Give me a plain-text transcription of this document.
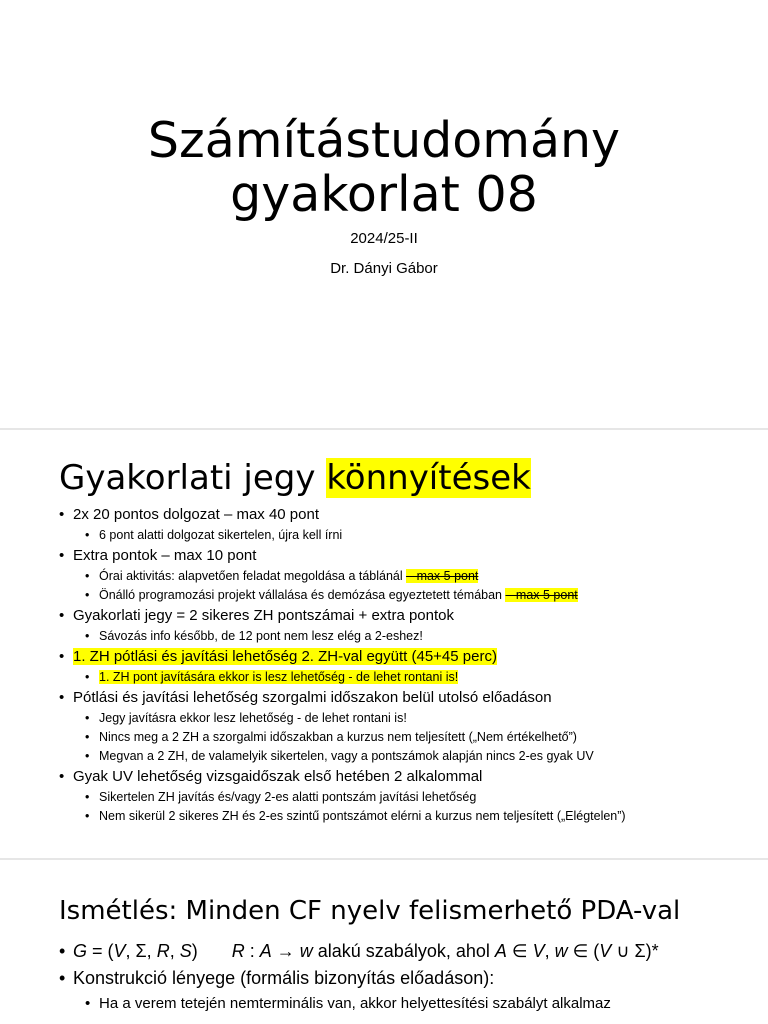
Számítástudomány
gyakorlat 08
2024/25-II
Dr. Dányi Gábor
Gyakorlati jegy könnyítések
• 2x 20 pontos dolgozat – max 40 pont
• 6 pont alatti dolgozat sikertelen, újra kell írni
• Extra pontok – max 10 pont
• Órai aktivitás: alapvetően feladat megoldása a táblánál – max 5 pont
• Önálló programozási projekt vállalása és demózása egyeztetett témában – max 5 pont
• Gyakorlati jegy = 2 sikeres ZH pontszámai + extra pontok
• Sávozás info később, de 12 pont nem lesz elég a 2-eshez!
• 1. ZH pótlási és javítási lehetőség 2. ZH-val együtt (45+45 perc)
• 1. ZH pont javítására ekkor is lesz lehetőség - de lehet rontani is!
• Pótlási és javítási lehetőség szorgalmi időszakon belül utolsó előadáson
• Jegy javításra ekkor lesz lehetőség - de lehet rontani is!
• Nincs meg a 2 ZH a szorgalmi időszakban a kurzus nem teljesített („Nem értékelhető”)
• Megvan a 2 ZH, de valamelyik sikertelen, vagy a pontszámok alapján nincs 2-es gyak UV
• Gyak UV lehetőség vizsgaidőszak első hetében 2 alkalommal
• Sikertelen ZH javítás és/vagy 2-es alatti pontszám javítási lehetőség
• Nem sikerül 2 sikeres ZH és 2-es szintű pontszámot elérni a kurzus nem teljesített („Elégtelen”)
Ismétlés: Minden CF nyelv felismerhető PDA-val
• G = (V, Σ, R, S) R : A → w alakú szabályok, ahol A ∈ V, w ∈ (V ∪ Σ)*
• Konstrukció lényege (formális bizonyítás előadáson):
• Ha a verem tetején nemterminális van, akkor helyettesítési szabályt alkalmaz
